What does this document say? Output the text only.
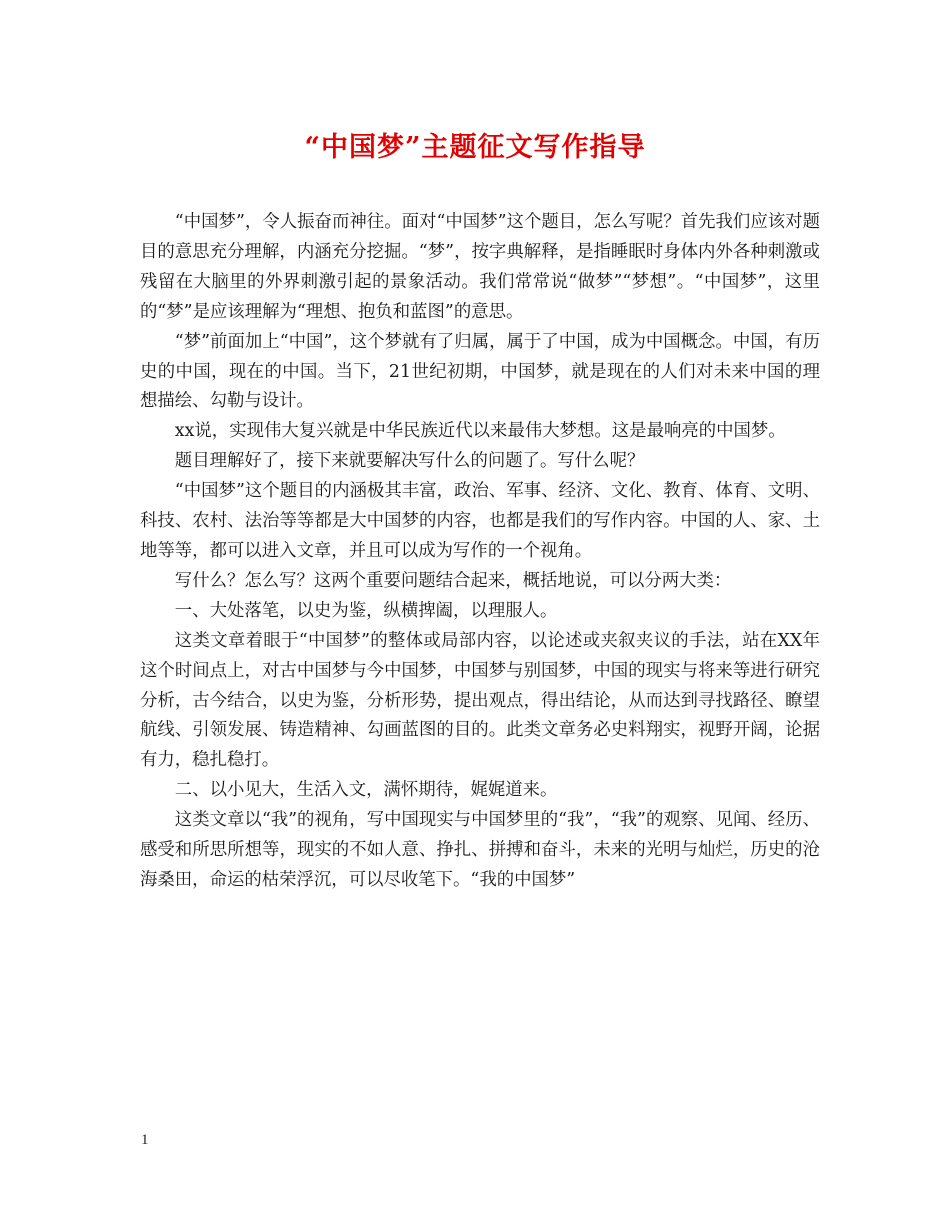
“中国梦”主题征文写作指导

“中国梦”，令人振奋而神往。面对“中国梦”这个题目，怎么写呢？首先我们应该对题目的意思充分理解，内涵充分挖掘。“梦”，按字典解释，是指睡眠时身体内外各种刺激或残留在大脑里的外界刺激引起的景象活动。我们常常说“做梦”“梦想”。“中国梦”，这里的“梦”是应该理解为“理想、抱负和蓝图”的意思。

“梦”前面加上“中国”，这个梦就有了归属，属于了中国，成为中国概念。中国，有历史的中国，现在的中国。当下，21世纪初期，中国梦，就是现在的人们对未来中国的理想描绘、勾勒与设计。

xx说，实现伟大复兴就是中华民族近代以来最伟大梦想。这是最响亮的中国梦。

题目理解好了，接下来就要解决写什么的问题了。写什么呢？

“中国梦”这个题目的内涵极其丰富，政治、军事、经济、文化、教育、体育、文明、科技、农村、法治等等都是大中国梦的内容，也都是我们的写作内容。中国的人、家、土地等等，都可以进入文章，并且可以成为写作的一个视角。

写什么？怎么写？这两个重要问题结合起来，概括地说，可以分两大类：

一、大处落笔，以史为鉴，纵横捭阖，以理服人。

这类文章着眼于“中国梦”的整体或局部内容，以论述或夹叙夹议的手法，站在XX年这个时间点上，对古中国梦与今中国梦，中国梦与别国梦，中国的现实与将来等进行研究分析，古今结合，以史为鉴，分析形势，提出观点，得出结论，从而达到寻找路径、瞭望航线、引领发展、铸造精神、勾画蓝图的目的。此类文章务必史料翔实，视野开阔，论据有力，稳扎稳打。

二、以小见大，生活入文，满怀期待，娓娓道来。

这类文章以“我”的视角，写中国现实与中国梦里的“我”，“我”的观察、见闻、经历、感受和所思所想等，现实的不如人意、挣扎、拼搏和奋斗，未来的光明与灿烂，历史的沧海桑田，命运的枯荣浮沉，可以尽收笔下。“我的中国梦”

1
